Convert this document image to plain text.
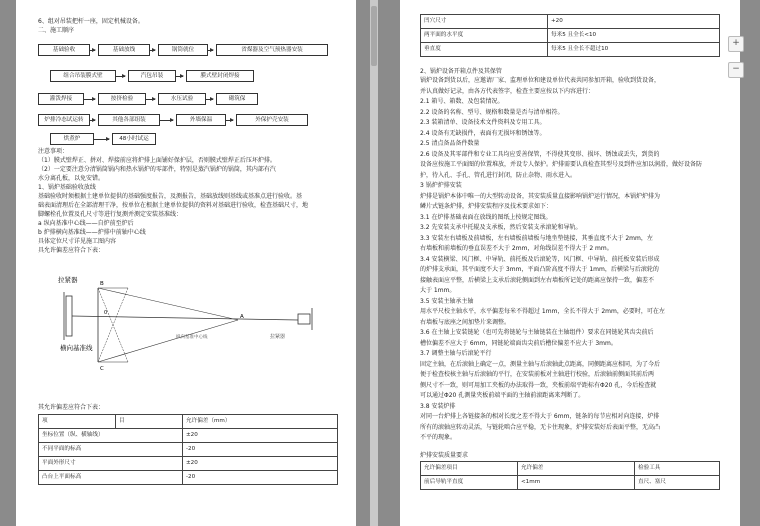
6、组对吊装把杆一座，固定机械设备。
二、施工顺序
基础验收	基础放线	锅筒就位	省煤器及空气预热器安装
组合吊装膜式壁	汽包吊装	膜式壁封闭焊接
灌泼焊接	按挤检验	水压试验	砌筑保
炉排冷态试运转	其他各部组装	外墙保温	外保护壳安装
烘煮炉	48小时试运
注意事项：
（1）膜式壁焊正、拼对、焊接前应将炉排上面铺好保护层，否则膜式壁焊正后压坏炉排。
（2）一定要注意分清锅筒锅内和热水锅炉的零部件，特别是蒸汽锅炉的锅筒，其内部有汽
水分离孔板，以免安错。
1、锅炉基础验收放线
基础验收时须根据土建单位提供的基础强度报告，及测报告，基础放线则基线或基准点进行验收。基
础表面清理后在全部清理干净，按单位在根据土建单位提供的资料对基础进行验收，检查基础尺寸，地
脚螺栓孔位置及孔尺寸等进行复测并测定安装基准线：
a 纵向基准中心线——自炉前至炉后
b 炉排横向基准线——炉排中前轴中心线
具体定位尺寸详见施工图内容
具允许偏差应符合下表：
拉紧器
横向基准线
纵向基准中心线	拉紧器
A
B
C
0
其允许偏差应符合下表：
项	目	允许偏差（mm）
坐标位置（纵、横轴线）		±20
不同平面的标高		-20
平面外形尺寸		±20
凸台上平面标高		-20
凹穴尺寸	+20
两平面的水平度	每米5 且全长<10
垂直度	每米5 且全长不超过10
2、锅炉设备开箱点件及其保管
锅炉设备到货以后，应邀请厂家、监理单位和建设单位代表共同参加开箱，验收到货设备，
并认真做好记录，由各方代表签字，检查主要应按以下内容进行：
2.1 箱号、箱数、及包装情况。
2.2 设备的名称、型号、规格和数量是否与清单相符。
2.3 装箱清单、设备技术文件资料及专用工具。
2.4 设备有无缺损件，表面有无损坏和锈蚀等。
2.5 清点备品备件数量
2.6 设备及其零部件和专业工具均应妥善保管，不得使其变形、损坏、锈蚀或丢失，到货的
设备应按施工平面图的位置堆放，并设专人保护。炉排需要认真检查其型号及到件应加以润滑，做好设备防
护，待入孔、手孔、管孔进行封闭，防止杂物、雨水进入。
3 锅炉炉排安装
炉排是锅炉本体中唯一的大型转动设备，其安装质量直接影响锅炉运行情况，本锅炉炉排为
鳞片式链条炉排，炉排安装程序及技术要求如下：
3.1 在炉排基础表面在放线的图纸上按规定图线。
3.2 先安装支承中托辊及支承板，然后安装支承滚轮和导轨。
3.3 安装左右墙板及前墙板，左右墙板前墙板与地坐垫链接，其垂直度不大于 2mm，左
右墙板和前墙板的垂直误差不大于 2mm，对角线误差不得大于 2 mm。
3.4 安装横梁、风门框、中导轨、前托板及后滚轮等，风门框、中导轨、前托板安装后形成
的炉排支承面，其平面度不大于 3mm，平面凸阶高度不得大于 1mm，后横梁与后滚轮的
接触表面应平整，后横梁上支承后滚轮侧面到左右墙板所记处的距离应保持一致，偏差不
大于 1mm。
3.5 安装主轴承主轴
用水平尺校主轴水平，水平偏差每米不得超过 1mm，全长不得大于 2mm，必要时，可在左
右墙板与底座之间加垫片来调整。
3.6 在主轴上安装链轮（也可先将链轮与主轴链装在主轴组件）要求在同链轮其齿尖前后
槽位偏差不应大于 6mm，同链轮端面齿尖前后槽位偏差不应大于 3mm。
3.7 调整主轴与后滚轮平行
固定主轴，在后滚轴上确定一点，测量主轴与后滚轴此点距离，同侧距离应相同，为了今后
便于检查校核主轴与后滚轴的平行，在安装前板对主轴进行校验，后滚轴前侧面其前后两
侧尺寸不一致，则可用加工夹板的办法取得一致，夹板前端平距标有Φ20 孔，今后检查就
可以通过Φ20 孔测量夹板前端平面的主轴前滚距离来判断了。
3.8 安装炉排
对同一台炉排上各链接条的相对长度之差不得大于 6mm，链条的每节应相对向连接，炉排
所有的滚轴应转动灵活，与链轮啮合应平稳，无卡住现象，炉排安装好后表面平整，无高凸
不平的现象。
炉排安装质量要求
允许偏差项目	允许偏差	检验工具
前后导轨平直度	<1mm	直尺、塞尺
+
−
